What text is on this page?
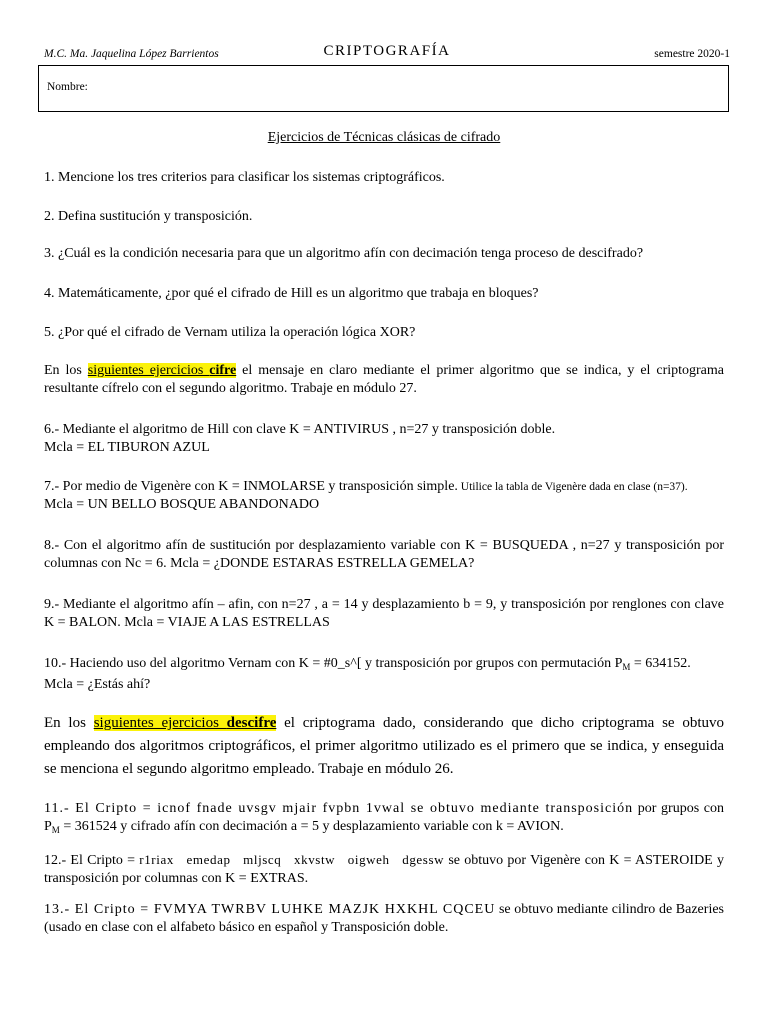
M.C. Ma. Jaquelina López Barrientos	CRIPTOGRAFÍA	semestre 2020-1
Nombre:
Ejercicios de Técnicas clásicas de cifrado
1. Mencione los tres criterios para clasificar los sistemas criptográficos.
2. Defina sustitución y transposición.
3. ¿Cuál es la condición necesaria para que un algoritmo afín con decimación tenga proceso de descifrado?
4. Matemáticamente, ¿por qué el cifrado de Hill es un algoritmo que trabaja en bloques?
5. ¿Por qué el cifrado de Vernam utiliza la operación lógica XOR?
En los siguientes ejercicios cifre el mensaje en claro mediante el primer algoritmo que se indica, y el criptograma resultante cífrelo con el segundo algoritmo. Trabaje en módulo 27.
6.- Mediante el algoritmo de Hill con clave K = ANTIVIRUS , n=27 y transposición doble.
Mcla = EL TIBURON AZUL
7.- Por medio de Vigenère con K = INMOLARSE y transposición simple. Utilice la tabla de Vigenère dada en clase (n=37).
Mcla = UN BELLO BOSQUE ABANDONADO
8.- Con el algoritmo afín de sustitución por desplazamiento variable con K = BUSQUEDA , n=27 y transposición por columnas con Nc = 6. Mcla = ¿DONDE ESTARAS ESTRELLA GEMELA?
9.- Mediante el algoritmo afín – afin, con n=27 , a = 14 y desplazamiento b = 9, y transposición por renglones con clave K = BALON. Mcla = VIAJE A LAS ESTRELLAS
10.- Haciendo uso del algoritmo Vernam con K = #0_s^[ y transposición por grupos con permutación $P_M = 634152$.
Mcla = ¿Estás ahí?
En los siguientes ejercicios descifre el criptograma dado, considerando que dicho criptograma se obtuvo empleando dos algoritmos criptográficos, el primer algoritmo utilizado es el primero que se indica, y enseguida se menciona el segundo algoritmo empleado. Trabaje en módulo 26.
11.- El Cripto = icnof fnade uvsgv mjair fvpbn 1vwal se obtuvo mediante transposición por grupos con $P_M = 361524$ y cifrado afín con decimación a = 5 y desplazamiento variable con k = AVION.
12.- El Cripto = r1riax emedap mljscq xkvstw oigweh dgessw se obtuvo por Vigenère con K = ASTEROIDE y transposición por columnas con K = EXTRAS.
13.- El Cripto = FVMYA TWRBV LUHKE MAZJK HXKHL CQCEU se obtuvo mediante cilindro de Bazeries (usado en clase con el alfabeto básico en español y Transposición doble.
